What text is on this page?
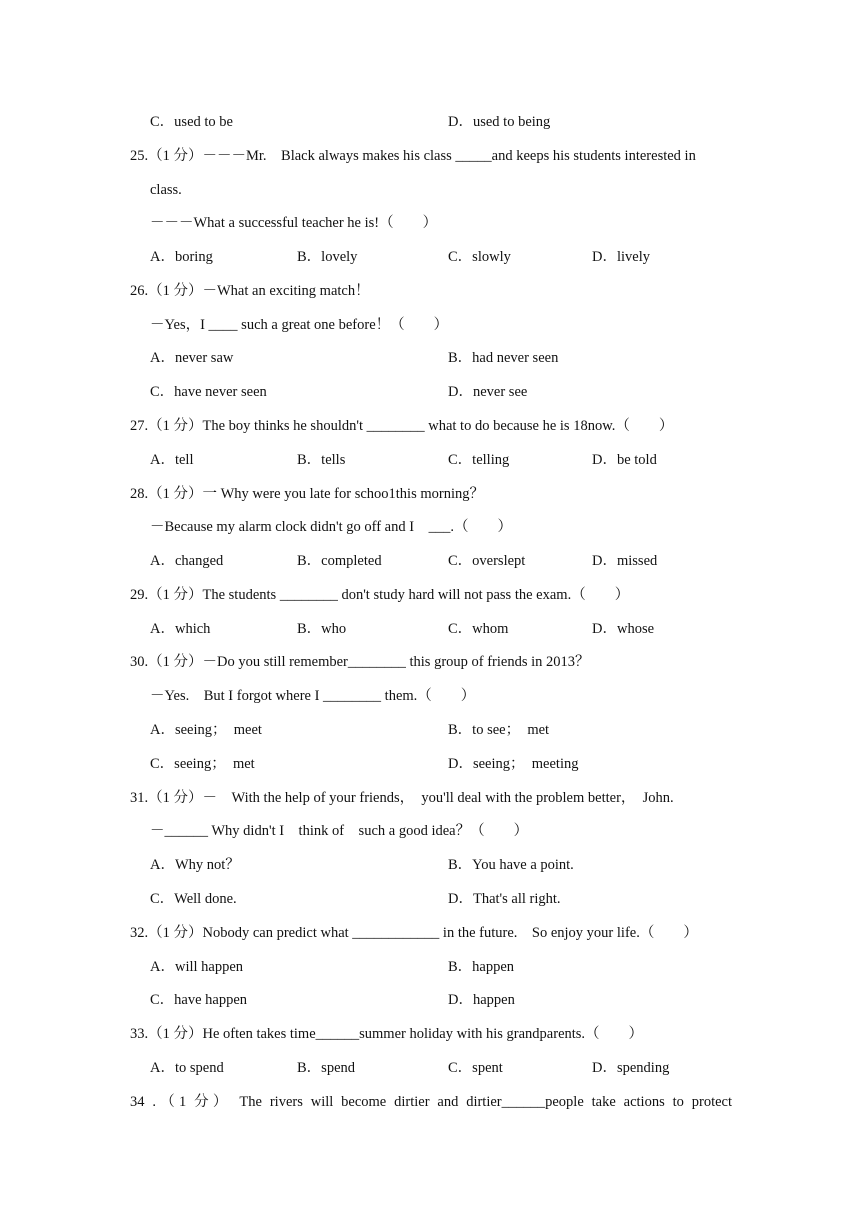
C．used to be	D．used to being
25.（1 分）－－－Mr.　Black always makes his class _____and keeps his students interested in
class.
－－－What a successful teacher he is!（　　）
A．boring	B．lovely	C．slowly	D．lively
26.（1 分）－What an exciting match！
－Yes，I ____ such a great one before！（　　）
A．never saw	B．had never seen
C．have never seen	D．never see
27.（1 分）The boy thinks he shouldn't ________ what to do because he is 18now.（　　）
A．tell	B．tells	C．telling	D．be told
28.（1 分）一 Why were you late for schoo1this morning？
－Because my alarm clock didn't go off and I　___.（　　）
A．changed	B．completed	C．overslept	D．missed
29.（1 分）The students ________ don't study hard will not pass the exam.（　　）
A．which	B．who	C．whom	D．whose
30.（1 分）－Do you still remember________ this group of friends in 2013？
－Yes.　But I forgot where I ________ them.（　　）
A．seeing；　meet	B．to see；　met
C．seeing；　met	D．seeing；　meeting
31.（1 分）－　With the help of your friends，　you'll deal with the problem better，　John.
－______ Why didn't I　think of　such a good idea？（　　）
A．Why not？	B．You have a point.
C．Well done.	D．That's all right.
32.（1 分）Nobody can predict what ____________ in the future.　So enjoy your life.（　　）
A．will happen	B．happen
C．have happen	D．happen
33.（1 分）He often takes time______summer holiday with his grandparents.（　　）
A．to spend	B．spend	C．spent	D．spending
34 .（1 分） The rivers will become dirtier and dirtier______people take actions to protect
